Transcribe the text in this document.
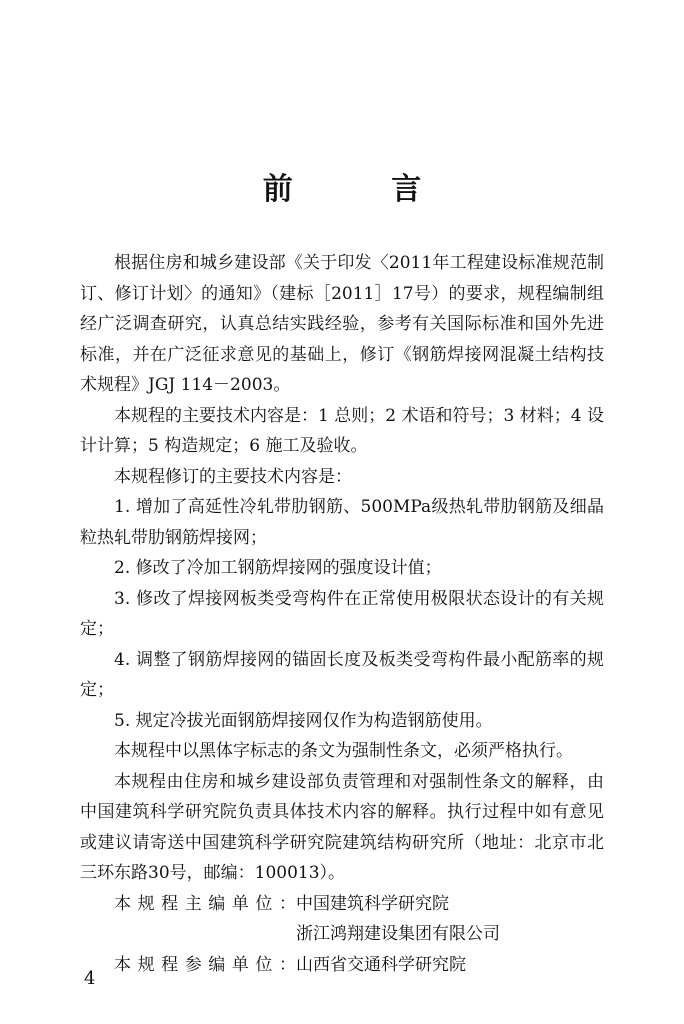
前 言

根据住房和城乡建设部《关于印发〈2011年工程建设标准规范制订、修订计划〉的通知》（建标［2011］17号）的要求，规程编制组经广泛调查研究，认真总结实践经验，参考有关国际标准和国外先进标准，并在广泛征求意见的基础上，修订《钢筋焊接网混凝土结构技术规程》JGJ 114－2003。

本规程的主要技术内容是：1 总则；2 术语和符号；3 材料；4 设计计算；5 构造规定；6 施工及验收。

本规程修订的主要技术内容是：

1. 增加了高延性冷轧带肋钢筋、500MPa级热轧带肋钢筋及细晶粒热轧带肋钢筋焊接网；

2. 修改了冷加工钢筋焊接网的强度设计值；

3. 修改了焊接网板类受弯构件在正常使用极限状态设计的有关规定；

4. 调整了钢筋焊接网的锚固长度及板类受弯构件最小配筋率的规定；

5. 规定冷拔光面钢筋焊接网仅作为构造钢筋使用。

本规程中以黑体字标志的条文为强制性条文，必须严格执行。

本规程由住房和城乡建设部负责管理和对强制性条文的解释，由中国建筑科学研究院负责具体技术内容的解释。执行过程中如有意见或建议请寄送中国建筑科学研究院建筑结构研究所（地址：北京市北三环东路30号，邮编：100013）。

本规程主编单位：中国建筑科学研究院

浙江鸿翔建设集团有限公司

本规程参编单位：山西省交通科学研究院

4
